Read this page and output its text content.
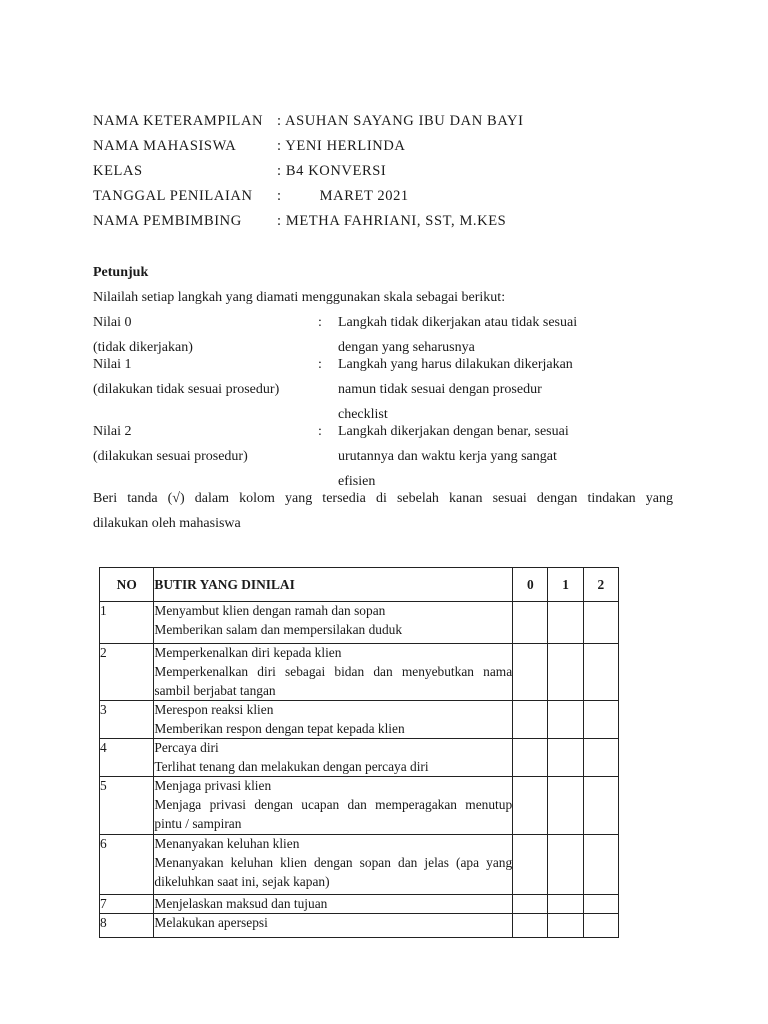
NAMA KETERAMPILAN : ASUHAN SAYANG IBU DAN BAYI
NAMA MAHASISWA	: YENI HERLINDA
KELAS	: B4 KONVERSI
TANGGAL PENILAIAN :         MARET 2021
NAMA PEMBIMBING : METHA FAHRIANI, SST, M.KES
Petunjuk
Nilailah setiap langkah yang diamati menggunakan skala sebagai berikut:
Nilai 0
(tidak dikerjakan)
: Langkah tidak dikerjakan atau tidak sesuai
dengan yang seharusnya
Nilai 1
(dilakukan tidak sesuai prosedur)
: Langkah yang harus dilakukan dikerjakan
namun tidak sesuai dengan prosedur
checklist
Nilai 2
(dilakukan sesuai prosedur)
: Langkah dikerjakan dengan benar, sesuai
urutannya dan waktu kerja yang sangat
efisien
Beri tanda (√) dalam kolom yang tersedia di sebelah kanan sesuai dengan tindakan yang
dilakukan oleh mahasiswa
NO	BUTIR YANG DINILAI	0	1	2
1	Menyambut klien dengan ramah dan sopan
Memberikan salam dan mempersilakan duduk			

2	Memperkenalkan diri kepada klien
Memperkenalkan diri sebagai bidan dan menyebutkan nama sambil berjabat tangan			

3	Merespon reaksi klien
Memberikan respon dengan tepat kepada klien			

4	Percaya diri
Terlihat tenang dan melakukan dengan percaya diri			

5	Menjaga privasi klien
Menjaga privasi dengan ucapan dan memperagakan menutup pintu / sampiran			

6	Menanyakan keluhan klien
Menanyakan keluhan klien dengan sopan dan jelas (apa yang dikeluhkan saat ini, sejak kapan)			

7	Menjelaskan maksud dan tujuan			

8	Melakukan apersepsi			
